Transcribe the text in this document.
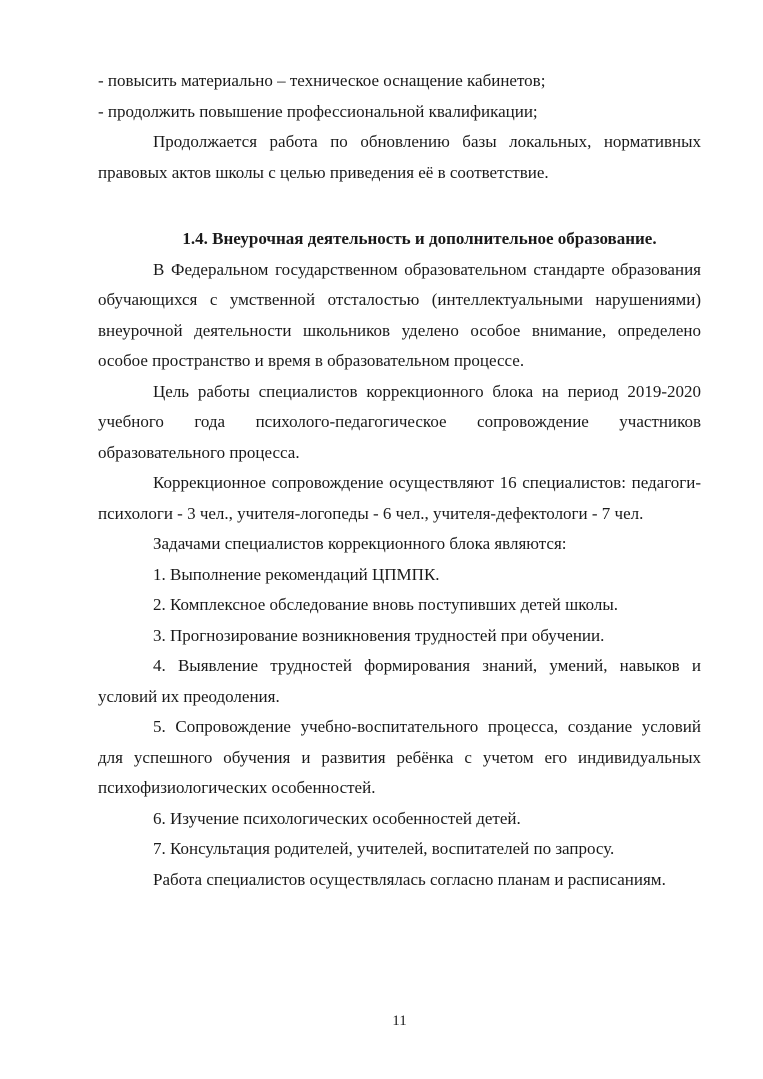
- повысить материально – техническое оснащение кабинетов;

- продолжить повышение профессиональной квалификации;

Продолжается работа по обновлению базы локальных, нормативных правовых актов школы с целью приведения её в соответствие.

1.4. Внеурочная деятельность и дополнительное образование.

В Федеральном государственном образовательном стандарте образования обучающихся с умственной отсталостью (интеллектуальными нарушениями) внеурочной деятельности школьников уделено особое внимание, определено особое пространство и время в образовательном процессе.

Цель работы специалистов коррекционного блока на период 2019-2020 учебного года психолого-педагогическое сопровождение участников образовательного процесса.

Коррекционное сопровождение осуществляют 16 специалистов: педагоги-психологи - 3 чел., учителя-логопеды - 6 чел., учителя-дефектологи - 7 чел.

Задачами специалистов коррекционного блока являются:

1. Выполнение рекомендаций ЦПМПК.

2. Комплексное обследование вновь поступивших детей школы.

3. Прогнозирование возникновения трудностей при обучении.

4. Выявление трудностей формирования знаний, умений, навыков и условий их преодоления.

5. Сопровождение учебно-воспитательного процесса, создание условий для успешного обучения и развития ребёнка с учетом его индивидуальных психофизиологических особенностей.

6. Изучение психологических особенностей детей.

7. Консультация родителей, учителей, воспитателей по запросу.

Работа специалистов осуществлялась согласно планам и расписаниям.

11
